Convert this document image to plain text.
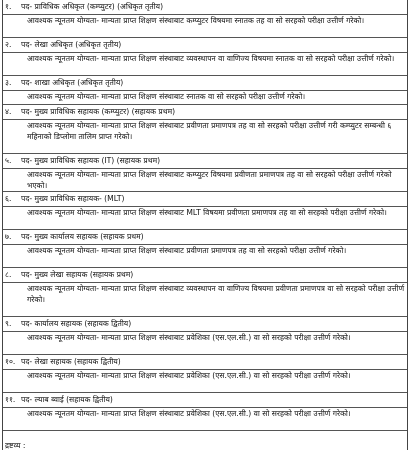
१. पद- प्राविधिक अधिकृत (कम्प्युटर) (अधिकृत तृतीय)
आवश्यक न्यूनतम योग्यता- मान्यता प्राप्त शिक्षण संस्थाबाट कम्प्युटर विषयमा स्नातक तह वा सो सरहको परीक्षा उत्तीर्ण गरेको।
२. पद- लेखा अधिकृत (अधिकृत तृतीय)
आवश्यक न्यूनतम योग्यता- मान्यता प्राप्त शिक्षण संस्थाबाट व्यवस्थापन वा वाणिज्य विषयमा स्नातक वा सो सरहको परीक्षा उत्तीर्ण गरेको।
३. पद- शाखा अधिकृत (अधिकृत तृतीय)
आवश्यक न्यूनतम योग्यता- मान्यता प्राप्त शिक्षण संस्थाबाट स्नातक वा सो सरहको परीक्षा उत्तीर्ण गरेको।
४. पद- मुख्य प्राविधिक सहायक (कम्प्युटर) (सहायक प्रथम)
आवश्यक न्यूनतम योग्यता- मान्यता प्राप्त शिक्षण संस्थाबाट प्रवीणता प्रमाणपत्र तह वा सो सरहको परीक्षा उत्तीर्ण गरी कम्प्युटर सम्बन्धी ६ महिनाको डिप्लोमा तालिम प्राप्त गरेको।
५. पद- मुख्य प्राविधिक सहायक (IT) (सहायक प्रथम)
आवश्यक न्यूनतम योग्यता- मान्यता प्राप्त शिक्षण संस्थाबाट कम्प्युटर विषयमा प्रवीणता प्रमाणपत्र तह वा सो सरहको परीक्षा उत्तीर्ण गरेको भएको।
६. पद- मुख्य प्राविधिक सहायक- (MLT)
आवश्यक न्यूनतम योग्यता- मान्यता प्राप्त शिक्षण संस्थाबाट MLT विषयमा प्रवीणता प्रमाणपत्र तह वा सो सरहको परीक्षा उत्तीर्ण गरेको।
७. पद- मुख्य कार्यालय सहायक (सहायक प्रथम)
आवश्यक न्यूनतम योग्यता- मान्यता प्राप्त शिक्षण संस्थाबाट प्रवीणता प्रमाणपत्र तह वा सो सरहको परीक्षा उत्तीर्ण गरेको।
८. पद- मुख्य लेखा सहायक (सहायक प्रथम)
आवश्यक न्यूनतम योग्यता- मान्यता प्राप्त शिक्षण संस्थाबाट व्यवस्थापन वा वाणिज्य विषयमा प्रवीणता प्रमाणपत्र वा सो सरहको परीक्षा उत्तीर्ण गरेको।
९. पद- कार्यालय सहायक (सहायक द्वितीय)
आवश्यक न्यूनतम योग्यता- मान्यता प्राप्त शिक्षण संस्थाबाट प्रवेशिका (एस.एल.सी.) वा सो सरहको परीक्षा उत्तीर्ण गरेको।
१०. पद- लेखा सहायक (सहायक द्वितीय)
आवश्यक न्यूनतम योग्यता- मान्यता प्राप्त शिक्षण संस्थाबाट प्रवेशिका (एस.एल.सी.) वा सो सरहको परीक्षा उत्तीर्ण गरेको।
११. पद- ल्याब ब्वाई (सहायक द्वितीय)
आवश्यक न्यूनतम योग्यता- मान्यता प्राप्त शिक्षण संस्थाबाट प्रवेशिका (एस.एल.सी.) वा सो सरहको परीक्षा उत्तीर्ण गरेको।
द्रष्टव्य :
